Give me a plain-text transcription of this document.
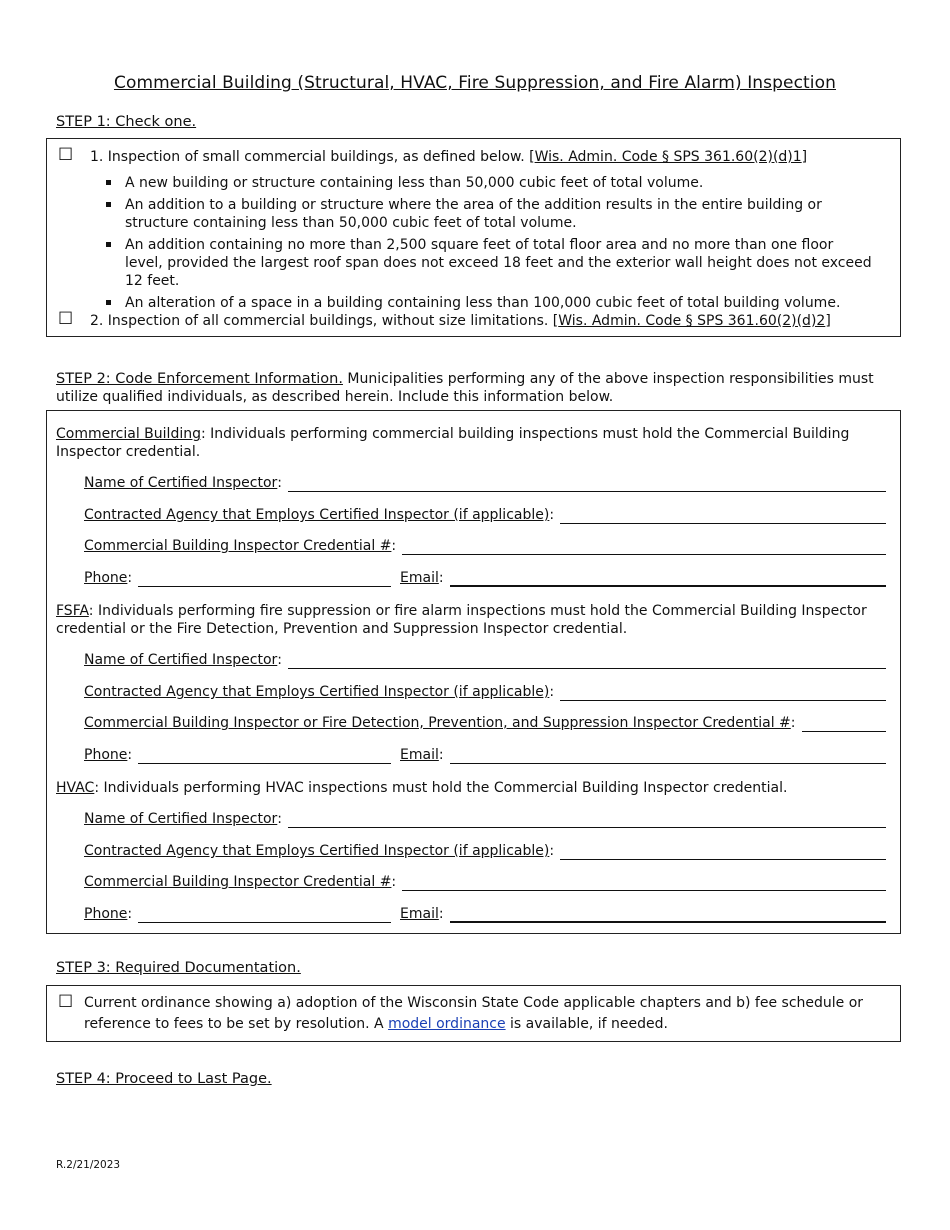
Commercial Building (Structural, HVAC, Fire Suppression, and Fire Alarm) Inspection
STEP 1: Check one.
☐ 1. Inspection of small commercial buildings, as defined below. [Wis. Admin. Code § SPS 361.60(2)(d)1]
☐ 2. Inspection of all commercial buildings, without size limitations. [Wis. Admin. Code § SPS 361.60(2)(d)2]
A new building or structure containing less than 50,000 cubic feet of total volume.
An addition to a building or structure where the area of the addition results in the entire building or structure containing less than 50,000 cubic feet of total volume.
An addition containing no more than 2,500 square feet of total floor area and no more than one floor level, provided the largest roof span does not exceed 18 feet and the exterior wall height does not exceed 12 feet.
An alteration of a space in a building containing less than 100,000 cubic feet of total building volume.
STEP 2: Code Enforcement Information. Municipalities performing any of the above inspection responsibilities must utilize qualified individuals, as described herein. Include this information below.
Commercial Building: Individuals performing commercial building inspections must hold the Commercial Building Inspector credential.
Name of Certified Inspector :
Contracted Agency that Employs Certified Inspector (if applicable) :
Commercial Building Inspector Credential # :
Phone :	Email :
FSFA: Individuals performing fire suppression or fire alarm inspections must hold the Commercial Building Inspector credential or the Fire Detection, Prevention and Suppression Inspector credential.
Name of Certified Inspector :
Contracted Agency that Employs Certified Inspector (if applicable) :
Commercial Building Inspector or Fire Detection, Prevention, and Suppression Inspector Credential # :
Phone :	Email :
HVAC: Individuals performing HVAC inspections must hold the Commercial Building Inspector credential.
Name of Certified Inspector :
Contracted Agency that Employs Certified Inspector (if applicable) :
Commercial Building Inspector Credential # :
Phone :	Email :
STEP 3: Required Documentation.
☐ Current ordinance showing a) adoption of the Wisconsin State Code applicable chapters and b) fee schedule or reference to fees to be set by resolution. A model ordinance is available, if needed.
STEP 4: Proceed to Last Page.
R.2/21/2023
